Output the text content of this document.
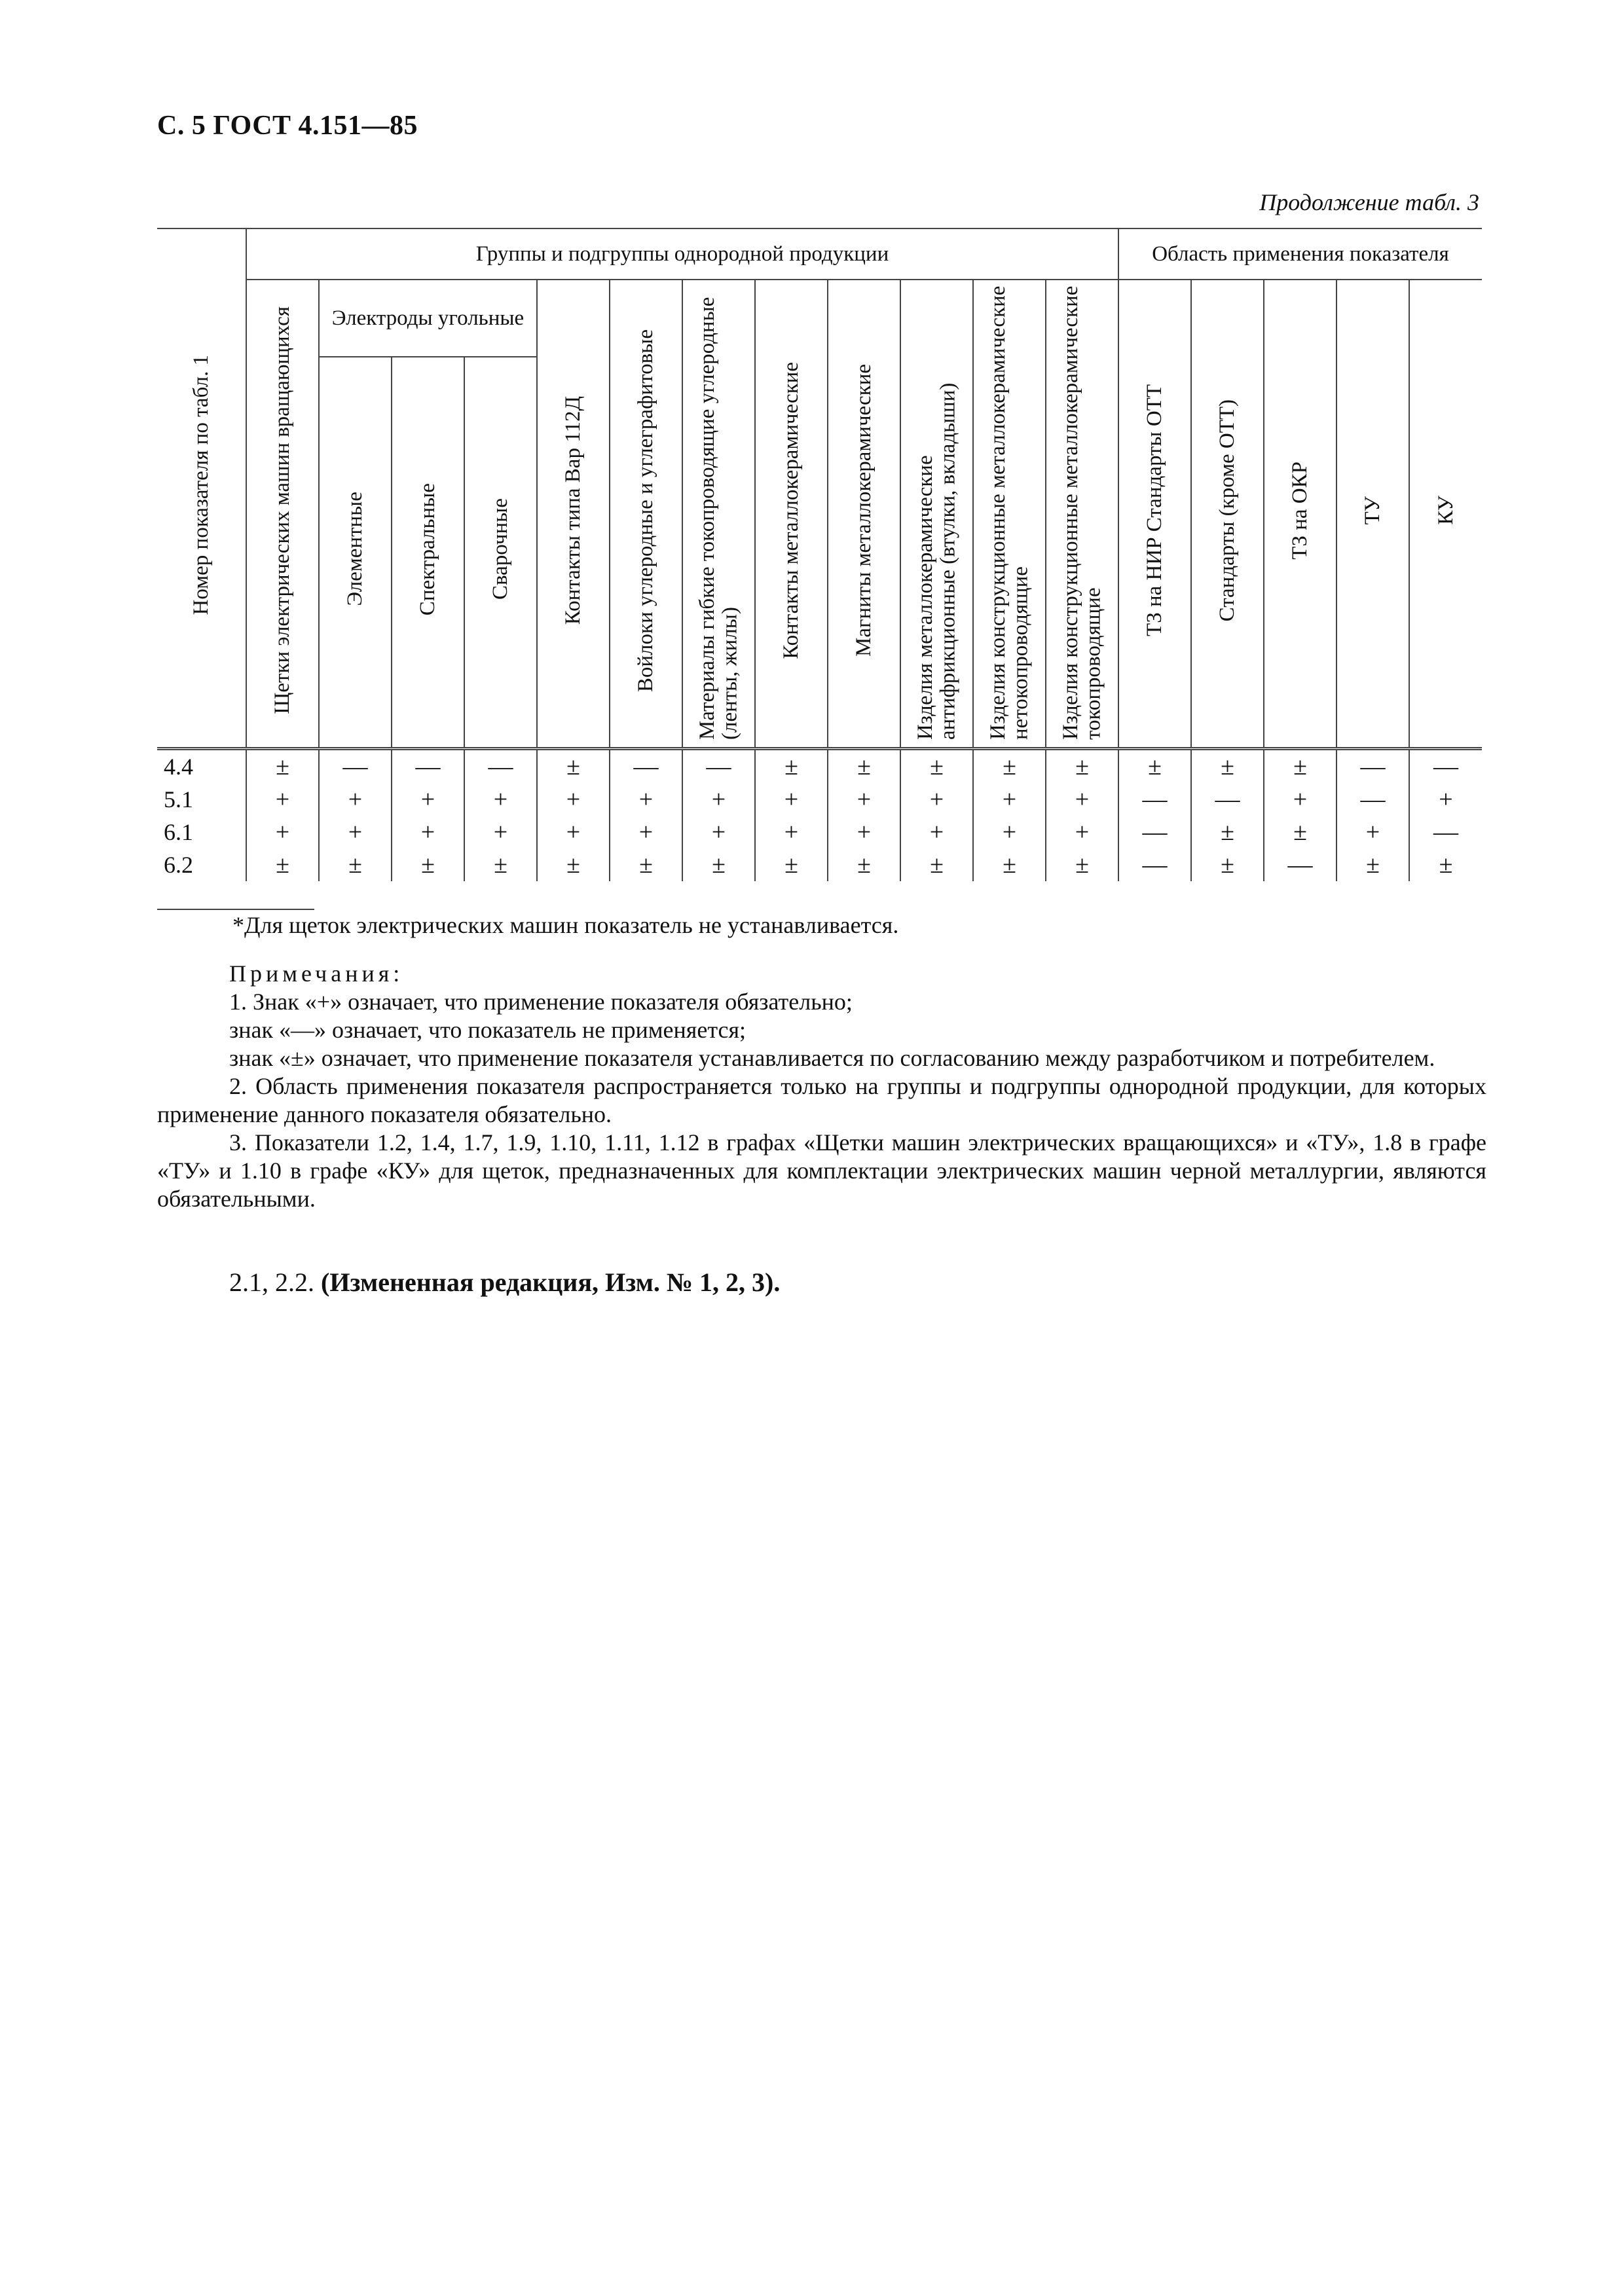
С. 5 ГОСТ 4.151—85
Продолжение табл. 3
Номер показателя по табл. 1	Группы и подгруппы однородной продукции												Область применения показателя				
	Щетки электрических машин вращающихся	Электроды угольные			Контакты типа Вар 112Д	Войлоки углеродные и углеграфитовые	Материалы гибкие токопроводящие углеродные (ленты, жилы)	Контакты металлокерамические	Магниты металлокерамические	Изделия металлокерамические антифрикционные (втулки, вкладыши)	Изделия конструкционные металлокерамические нетокопроводящие	Изделия конструкционные металлокерамические токопроводящие	ТЗ на НИР Стандарты ОТТ	Стандарты (кроме ОТТ)	ТЗ на ОКР	ТУ	КУ
		Элементные	Спектральные	Сварочные													
4.4	±	—	—	—	±	—	—	±	±	±	±	±	±	±	±	—	—
5.1	+	+	+	+	+	+	+	+	+	+	+	+	—	—	+	—	+
6.1	+	+	+	+	+	+	+	+	+	+	+	+	—	±	±	+	—
6.2	±	±	±	±	±	±	±	±	±	±	±	±	—	±	—	±	±
*Для щеток электрических машин показатель не устанавливается.

Примечания:

1. Знак «+» означает, что применение показателя обязательно;

знак «—» означает, что показатель не применяется;

знак «±» означает, что применение показателя устанавливается по согласованию между разработчиком и потребителем.

2. Область применения показателя распространяется только на группы и подгруппы однородной продукции, для которых применение данного показателя обязательно.

3. Показатели 1.2, 1.4, 1.7, 1.9, 1.10, 1.11, 1.12 в графах «Щетки машин электрических вращающихся» и «ТУ», 1.8 в графе «ТУ» и 1.10 в графе «КУ» для щеток, предназначенных для комплектации электрических машин черной металлургии, являются обязательными.

2.1, 2.2. (Измененная редакция, Изм. № 1, 2, 3).
